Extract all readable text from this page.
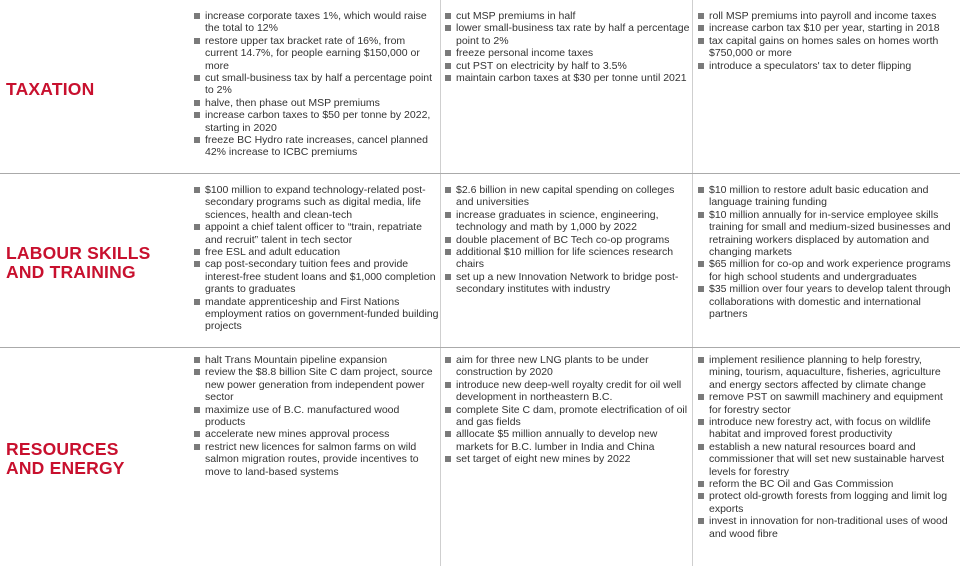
TAXATION
increase corporate taxes 1%, which would raise the total to 12%
restore upper tax bracket rate of 16%, from current 14.7%, for people earning $150,000 or more
cut small-business tax by half a percentage point to 2%
halve, then phase out MSP premiums
increase carbon taxes to $50 per tonne by 2022, starting in 2020
freeze BC Hydro rate increases, cancel planned 42% increase to ICBC premiums
cut MSP premiums in half
lower small-business tax rate by half a percentage point to 2%
freeze personal income taxes
cut PST on electricity by half to 3.5%
maintain carbon taxes at $30 per tonne until 2021
roll MSP premiums into payroll and income taxes
increase carbon tax $10 per year, starting in 2018
tax capital gains on homes sales on homes worth $750,000 or more
introduce a speculators' tax to deter flipping
LABOUR SKILLS AND TRAINING
$100 million to expand technology-related post-secondary programs such as digital media, life sciences, health and clean-tech
appoint a chief talent officer to “train, repatriate and recruit” talent in tech sector
free ESL and adult education
cap post-secondary tuition fees and provide interest-free student loans and $1,000 completion grants to graduates
mandate apprenticeship and First Nations employment ratios on government-funded building projects
$2.6 billion in new capital spending on colleges and universities
increase graduates in science, engineering, technology and math by 1,000 by 2022
double placement of BC Tech co-op programs
additional $10 million for life sciences research chairs
set up a new Innovation Network to bridge post-secondary institutes with industry
$10 million to restore adult basic education and language training funding
$10 million annually for in-service employee skills training for small and medium-sized businesses and retraining workers displaced by automation and changing markets
$65 million for co-op and work experience programs for high school students and undergraduates
$35 million over four years to develop talent through collaborations with domestic and international partners
RESOURCES AND ENERGY
halt Trans Mountain pipeline expansion
review the $8.8 billion Site C dam project, source new power generation from independent power sector
maximize use of B.C. manufactured wood products
accelerate new mines approval process
restrict new licences for salmon farms on wild salmon migration routes, provide incentives to move to land-based systems
aim for three new LNG plants to be under construction by 2020
introduce new deep-well royalty credit for oil well development in northeastern B.C.
complete Site C dam, promote electrification of oil and gas fields
alllocate $5 million annually to develop new markets for B.C. lumber in India and China
set target of eight new mines by 2022
implement resilience planning to help forestry, mining, tourism, aquaculture, fisheries, agriculture and energy sectors affected by climate change
remove PST on sawmill machinery and equipment for forestry sector
introduce new forestry act, with focus on wildlife habitat and improved forest productivity
establish a new natural resources board and commissioner that will set new sustainable harvest levels for forestry
reform the BC Oil and Gas Commission
protect old-growth forests from logging and limit log exports
invest in innovation for non-traditional uses of wood and wood fibre
